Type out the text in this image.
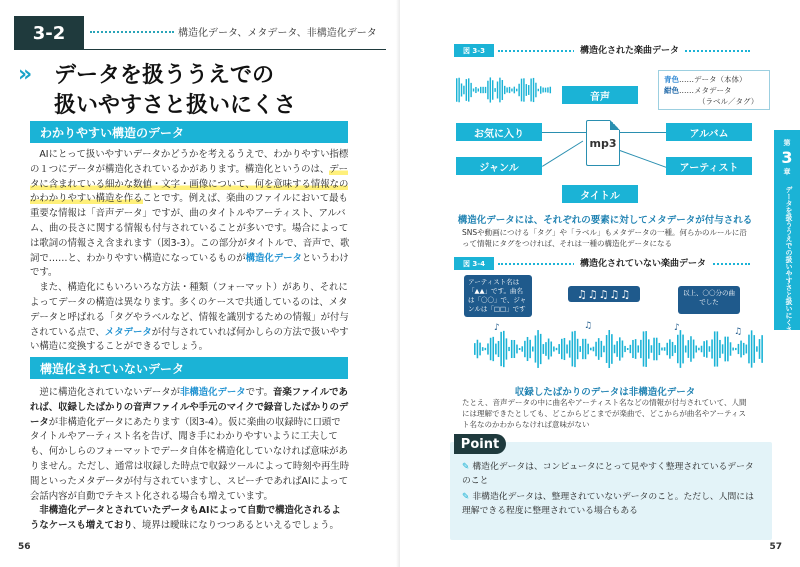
3-2	構造化データ、メタデータ、非構造化データ
» データを扱ううえでの
扱いやすさと扱いにくさ
わかりやすい構造のデータ

AIにとって扱いやすいデータかどうかを考えるうえで、わかりやすい指標の１つにデータが構造化されているかがあります。構造化というのは、データに含まれている細かな数値・文字・画像について、何を意味する情報なのかわかりやすい構造を作ることです。例えば、楽曲のファイルにおいて最も重要な情報は「音声データ」ですが、曲のタイトルやアーティスト、アルバム、曲の長さに関する情報も付与されていることが多いです。場合によっては歌詞の情報さえ含まれます（図3-3）。この部分がタイトルで、音声で、歌詞で……と、わかりやすい構造になっているものが構造化データというわけです。

また、構造化にもいろいろな方法・種類（フォーマット）があり、それによってデータの構造は異なります。多くのケースで共通しているのは、メタデータと呼ばれる「タグやラベルなど、情報を識別するための情報」が付与されている点で、メタデータが付与されていれば何かしらの方法で扱いやすい構造に変換することができるでしょう。

構造化されていないデータ

逆に構造化されていないデータが非構造化データです。音楽ファイルであれば、収録したばかりの音声ファイルや手元のマイクで録音したばかりのデータが非構造化データにあたります（図3-4）。仮に楽曲の収録時に口頭でタイトルやアーティスト名を告げ、聞き手にわかりやすいように工夫しても、何かしらのフォーマットでデータ自体を構造化していなければ意味がありません。ただし、通常は収録した時点で収録ツールによって時刻や再生時間といったメタデータが付与されていますし、スピーチであればAIによって会話内容が自動でテキスト化される場合も増えています。

非構造化データとされていたデータもAIによって自動で構造化されるようなケースも増えており、境界は曖昧になりつつあるといえるでしょう。

56
図 3-3	構造化された楽曲データ
青色……データ（本体）
紺色……メタデータ
（ラベル／タグ）
音声
お気に入り
ジャンル
アルバム
アーティスト
タイトル
mp3
構造化データには、それぞれの要素に対してメタデータが付与される
SNSや動画につける「タグ」や「ラベル」もメタデータの一種。何らかのルールに沿って情報にタグをつければ、それは一種の構造化データになる
図 3-4	構造化されていない楽曲データ
アーティスト名は「▲▲」です。曲名は「〇〇」で、ジャンルは「□□」です
♫♫♫♫♫	以上、〇〇分の曲でした
♪	♫	♪	♫
収録したばかりのデータは非構造化データ
たとえ、音声データの中に曲名やアーティスト名などの情報が付与されていて、人間には理解できたとしても、どこからどこまでが楽曲で、どこからが曲名やアーティスト名なのかわからなければ意味がない
Point
✎ 構造化データは、コンピュータにとって見やすく整理されているデータのこと
✎ 非構造化データは、整理されていないデータのこと。ただし、人間には理解できる程度に整理されている場合もある
57
第
3
章
データを扱ううえでの扱いやすさと扱いにくさ
